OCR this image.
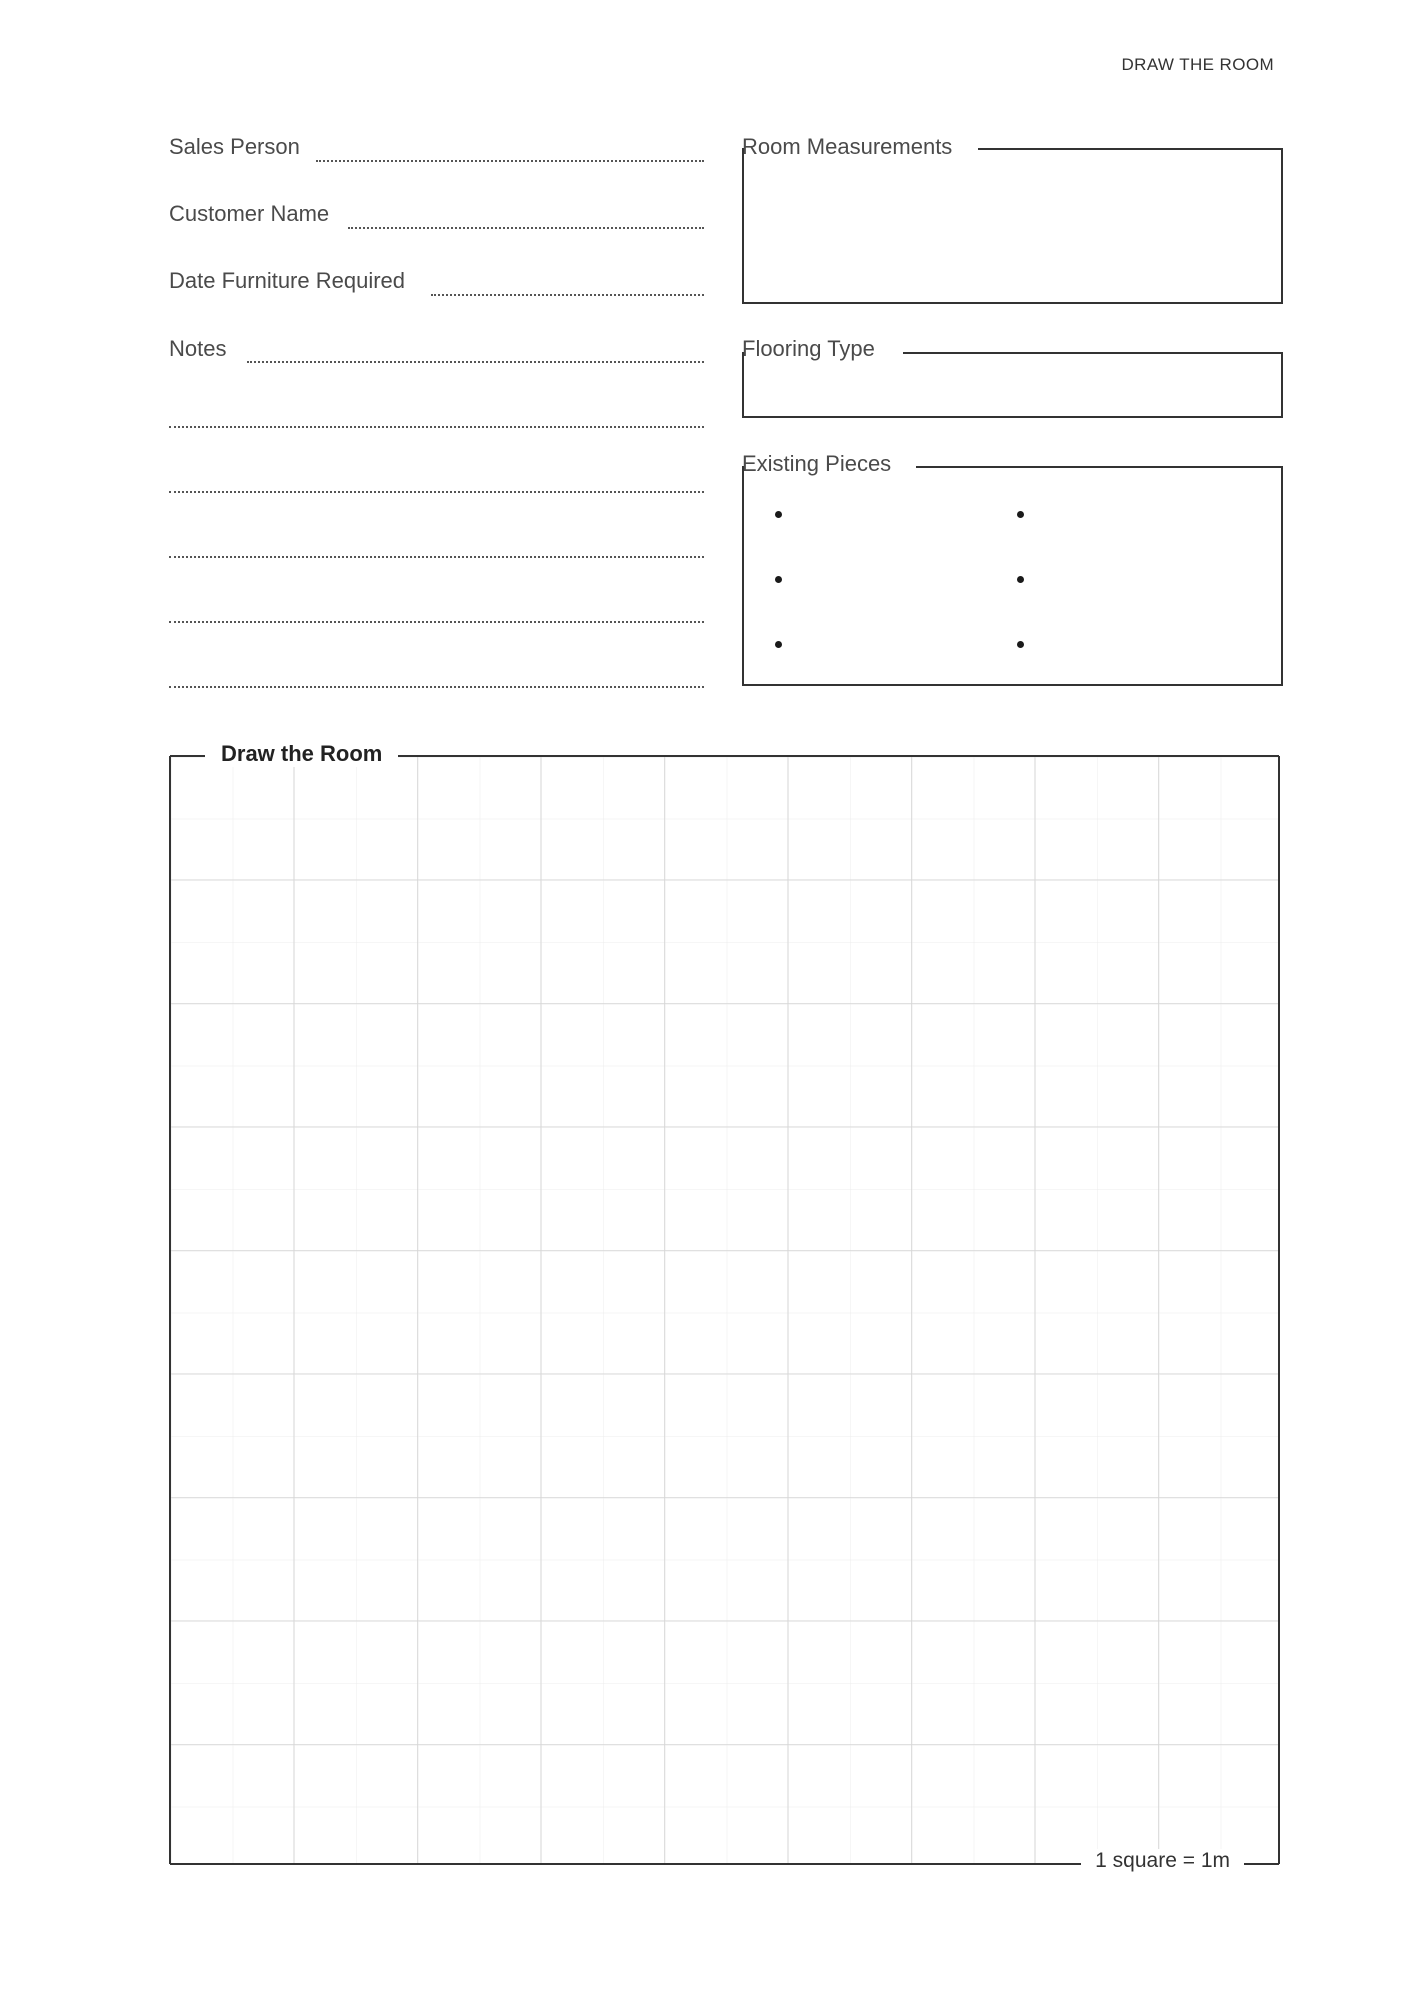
DRAW THE ROOM
Sales Person
Customer Name
Date Furniture Required
Notes
Room Measurements
Flooring Type
Existing Pieces
Draw the Room
1 square = 1m
